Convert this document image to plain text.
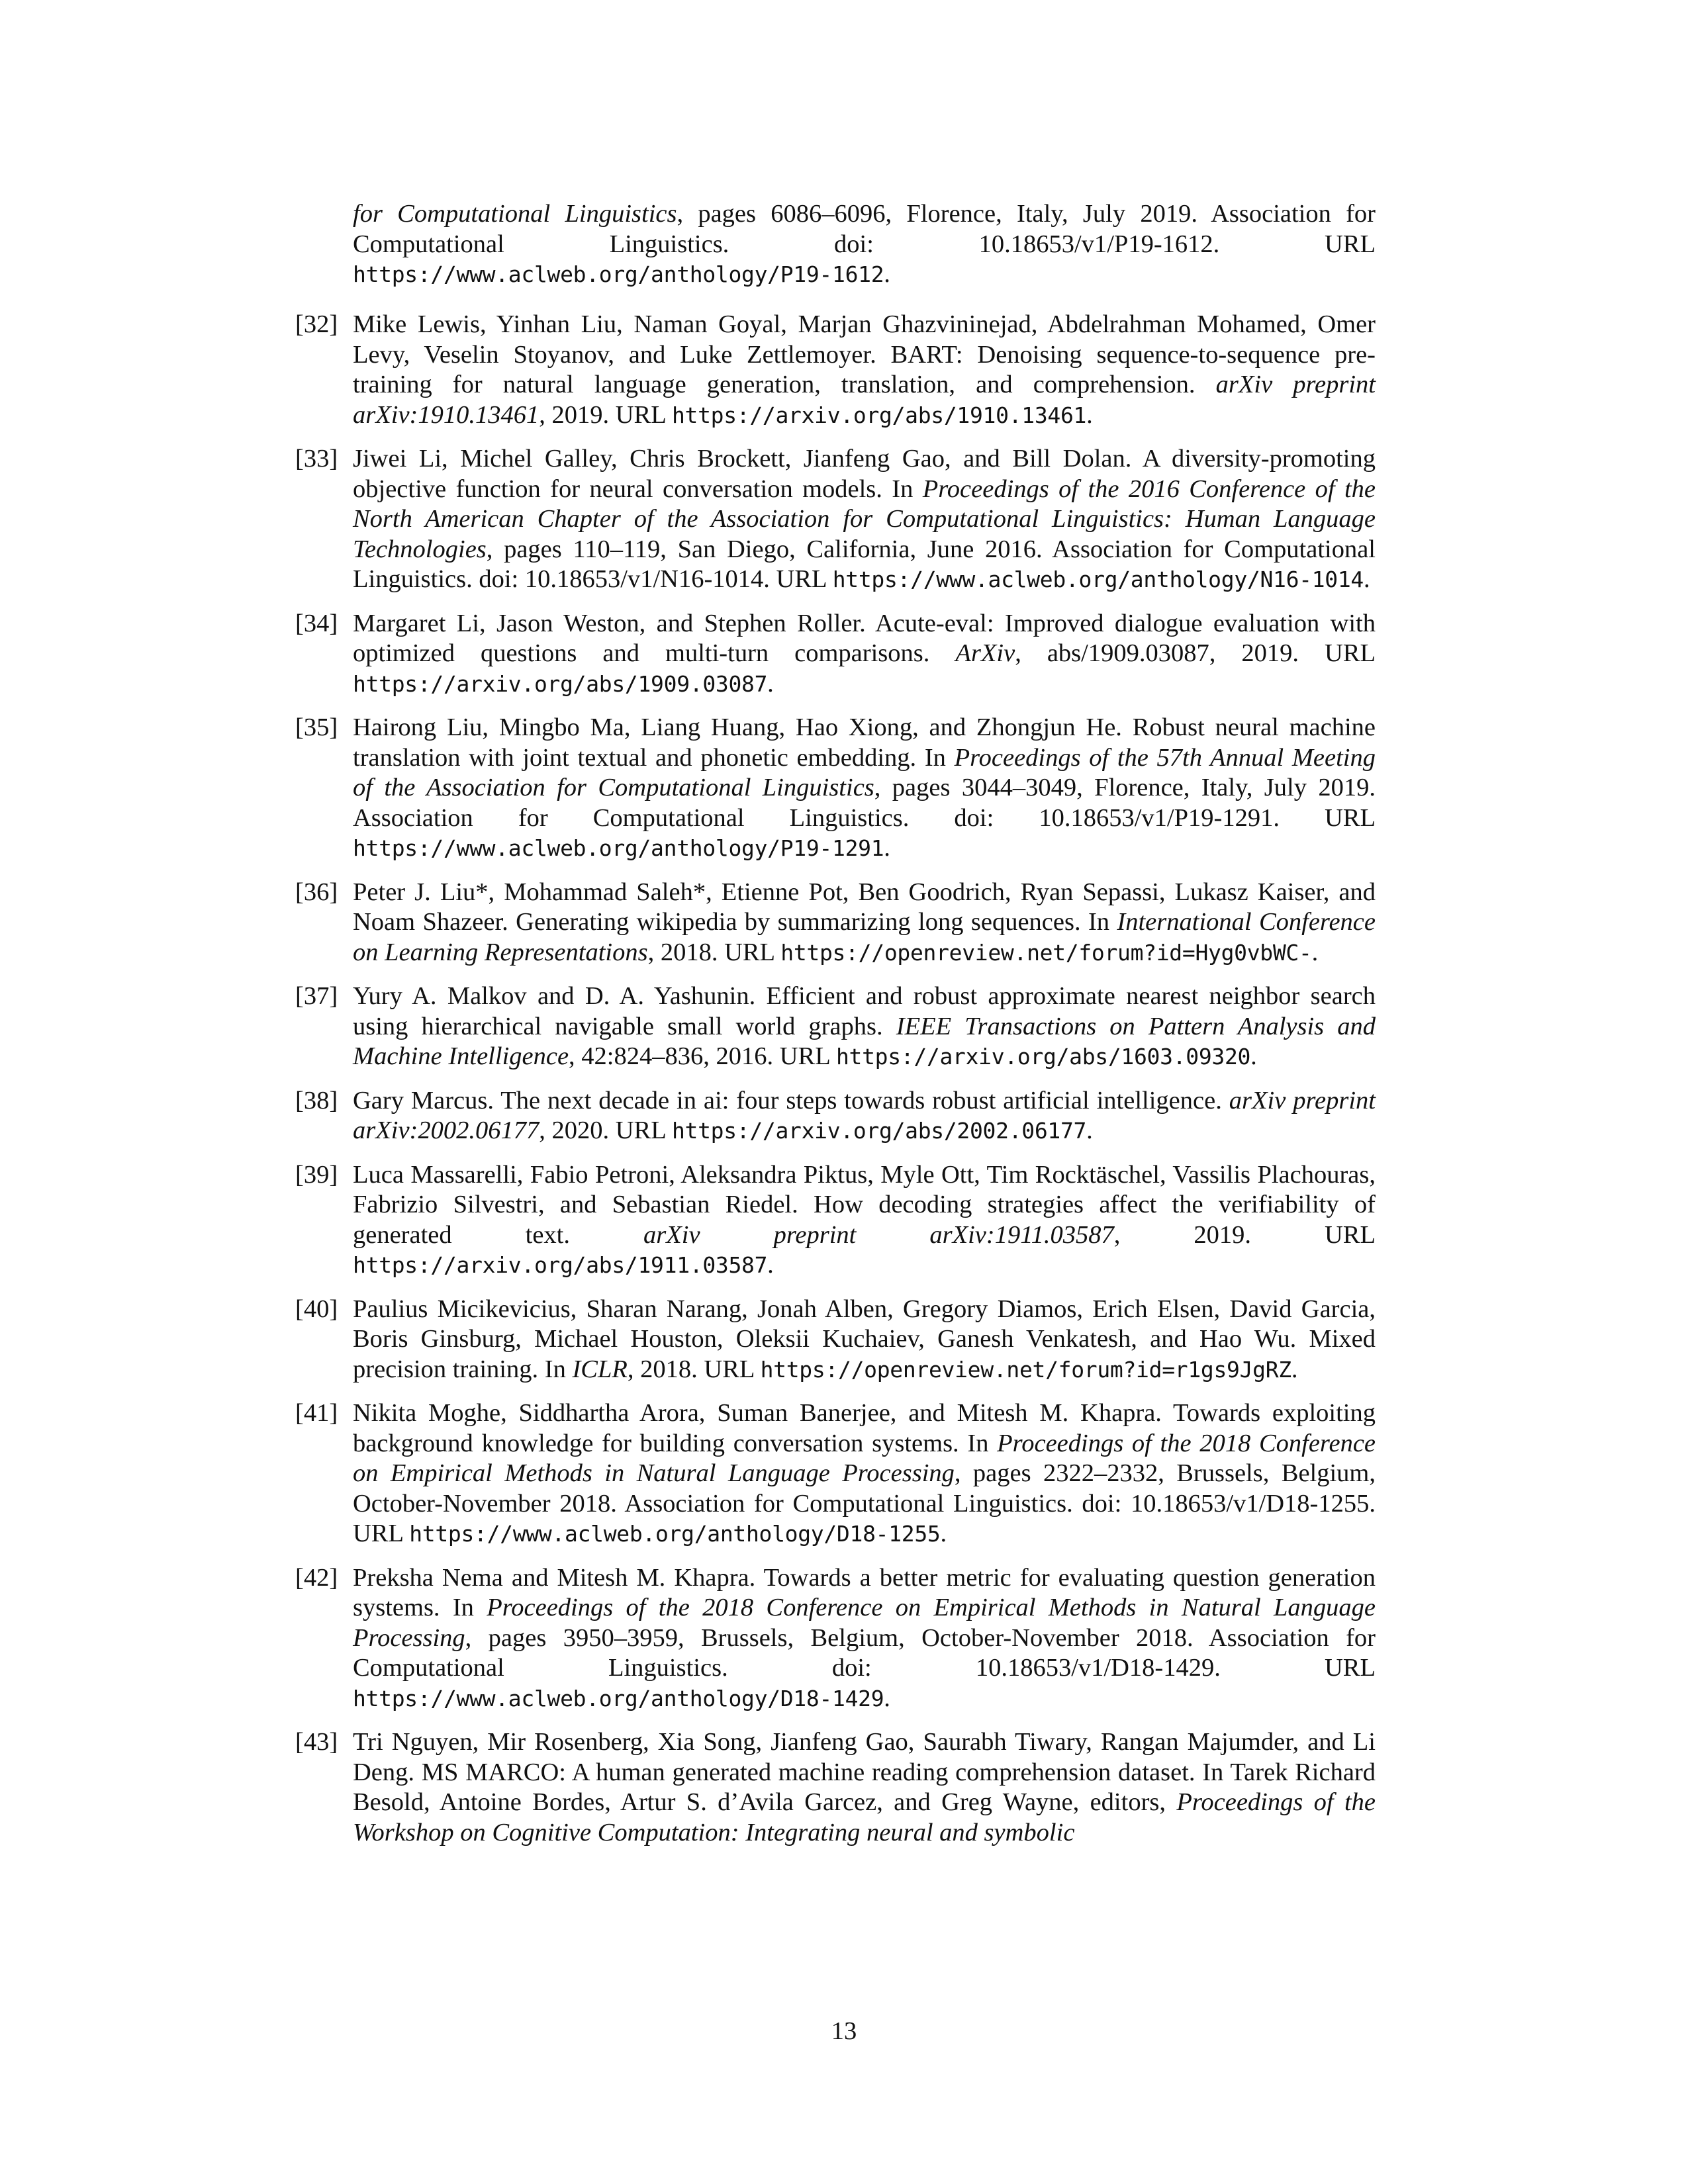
for Computational Linguistics, pages 6086–6096, Florence, Italy, July 2019. Association for Computational Linguistics. doi: 10.18653/v1/P19-1612. URL https://www.aclweb.org/anthology/P19-1612.
[32] Mike Lewis, Yinhan Liu, Naman Goyal, Marjan Ghazvininejad, Abdelrahman Mohamed, Omer Levy, Veselin Stoyanov, and Luke Zettlemoyer. BART: Denoising sequence-to-sequence pre-training for natural language generation, translation, and comprehension. arXiv preprint arXiv:1910.13461, 2019. URL https://arxiv.org/abs/1910.13461.
[33] Jiwei Li, Michel Galley, Chris Brockett, Jianfeng Gao, and Bill Dolan. A diversity-promoting objective function for neural conversation models. In Proceedings of the 2016 Conference of the North American Chapter of the Association for Computational Linguistics: Human Language Technologies, pages 110–119, San Diego, California, June 2016. Association for Computational Linguistics. doi: 10.18653/v1/N16-1014. URL https://www.aclweb.org/anthology/N16-1014.
[34] Margaret Li, Jason Weston, and Stephen Roller. Acute-eval: Improved dialogue evaluation with optimized questions and multi-turn comparisons. ArXiv, abs/1909.03087, 2019. URL https://arxiv.org/abs/1909.03087.
[35] Hairong Liu, Mingbo Ma, Liang Huang, Hao Xiong, and Zhongjun He. Robust neural machine translation with joint textual and phonetic embedding. In Proceedings of the 57th Annual Meeting of the Association for Computational Linguistics, pages 3044–3049, Florence, Italy, July 2019. Association for Computational Linguistics. doi: 10.18653/v1/P19-1291. URL https://www.aclweb.org/anthology/P19-1291.
[36] Peter J. Liu*, Mohammad Saleh*, Etienne Pot, Ben Goodrich, Ryan Sepassi, Lukasz Kaiser, and Noam Shazeer. Generating wikipedia by summarizing long sequences. In International Conference on Learning Representations, 2018. URL https://openreview.net/forum?id=Hyg0vbWC-.
[37] Yury A. Malkov and D. A. Yashunin. Efficient and robust approximate nearest neighbor search using hierarchical navigable small world graphs. IEEE Transactions on Pattern Analysis and Machine Intelligence, 42:824–836, 2016. URL https://arxiv.org/abs/1603.09320.
[38] Gary Marcus. The next decade in ai: four steps towards robust artificial intelligence. arXiv preprint arXiv:2002.06177, 2020. URL https://arxiv.org/abs/2002.06177.
[39] Luca Massarelli, Fabio Petroni, Aleksandra Piktus, Myle Ott, Tim Rocktäschel, Vassilis Plachouras, Fabrizio Silvestri, and Sebastian Riedel. How decoding strategies affect the verifiability of generated text. arXiv preprint arXiv:1911.03587, 2019. URL https://arxiv.org/abs/1911.03587.
[40] Paulius Micikevicius, Sharan Narang, Jonah Alben, Gregory Diamos, Erich Elsen, David Garcia, Boris Ginsburg, Michael Houston, Oleksii Kuchaiev, Ganesh Venkatesh, and Hao Wu. Mixed precision training. In ICLR, 2018. URL https://openreview.net/forum?id=r1gs9JgRZ.
[41] Nikita Moghe, Siddhartha Arora, Suman Banerjee, and Mitesh M. Khapra. Towards exploiting background knowledge for building conversation systems. In Proceedings of the 2018 Conference on Empirical Methods in Natural Language Processing, pages 2322–2332, Brussels, Belgium, October-November 2018. Association for Computational Linguistics. doi: 10.18653/v1/D18-1255. URL https://www.aclweb.org/anthology/D18-1255.
[42] Preksha Nema and Mitesh M. Khapra. Towards a better metric for evaluating question generation systems. In Proceedings of the 2018 Conference on Empirical Methods in Natural Language Processing, pages 3950–3959, Brussels, Belgium, October-November 2018. Association for Computational Linguistics. doi: 10.18653/v1/D18-1429. URL https://www.aclweb.org/anthology/D18-1429.
[43] Tri Nguyen, Mir Rosenberg, Xia Song, Jianfeng Gao, Saurabh Tiwary, Rangan Majumder, and Li Deng. MS MARCO: A human generated machine reading comprehension dataset. In Tarek Richard Besold, Antoine Bordes, Artur S. d’Avila Garcez, and Greg Wayne, editors, Proceedings of the Workshop on Cognitive Computation: Integrating neural and symbolic
13
